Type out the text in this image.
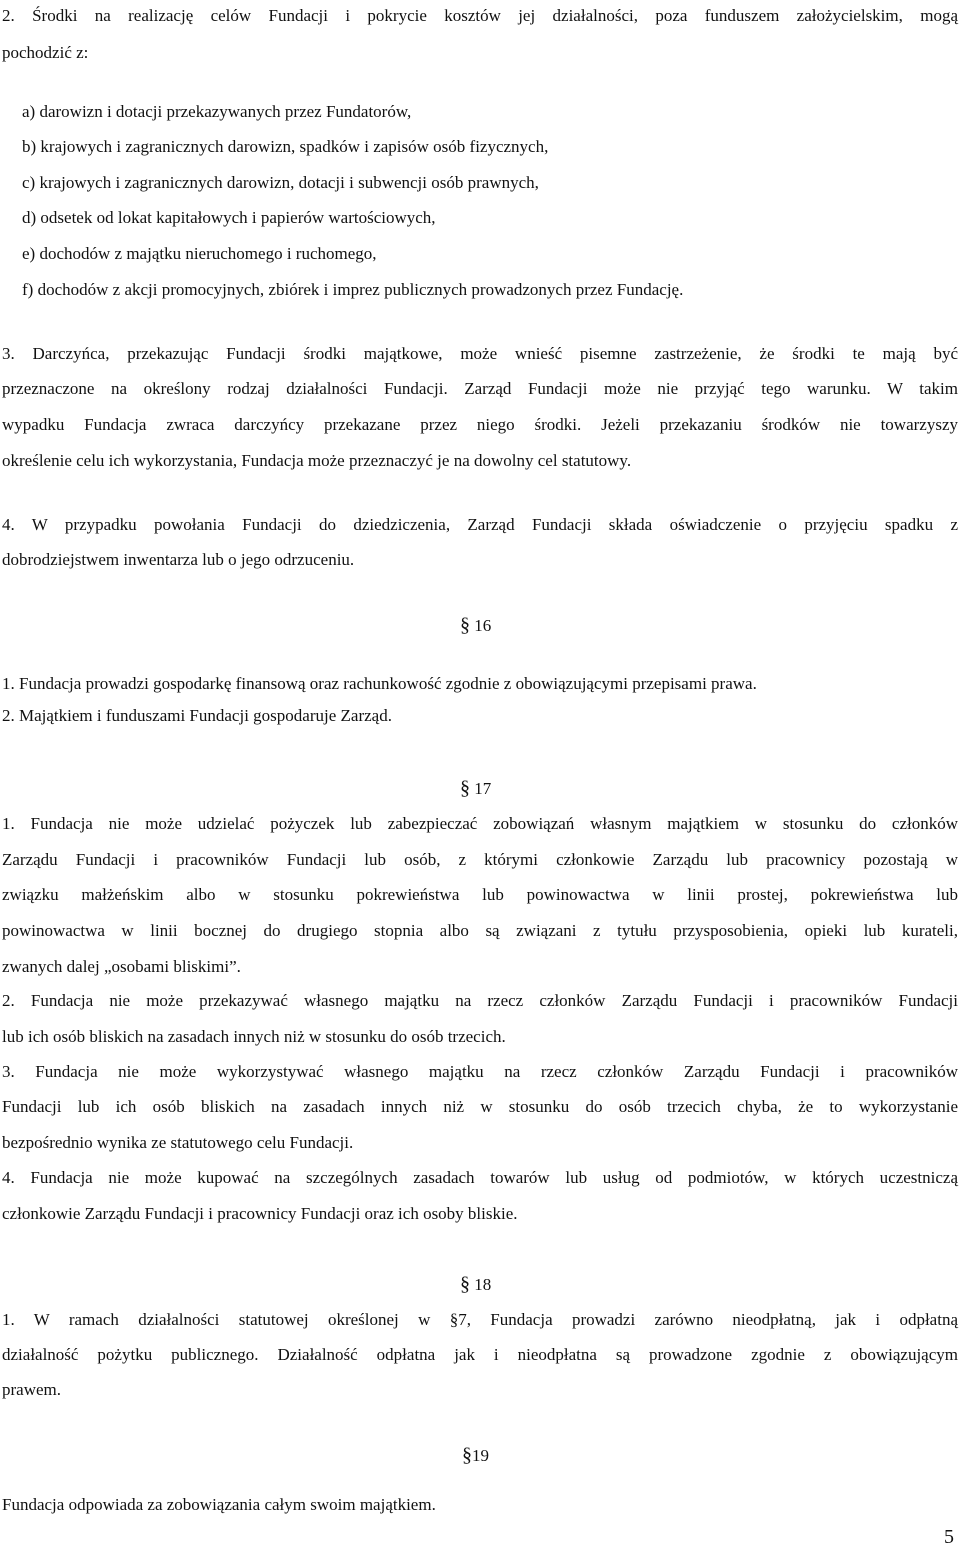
2. Środki na realizację celów Fundacji i pokrycie kosztów jej działalności, poza funduszem założycielskim, mogą
pochodzić z:
a) darowizn i dotacji przekazywanych przez Fundatorów,
b) krajowych i zagranicznych darowizn, spadków i zapisów osób fizycznych,
c) krajowych i zagranicznych darowizn, dotacji i subwencji osób prawnych,
d) odsetek od lokat kapitałowych i papierów wartościowych,
e) dochodów z majątku nieruchomego i ruchomego,
f) dochodów z akcji promocyjnych, zbiórek i imprez publicznych prowadzonych przez Fundację.
3. Darczyńca, przekazując Fundacji środki majątkowe, może wnieść pisemne zastrzeżenie, że środki te mają być
przeznaczone na określony rodzaj działalności Fundacji. Zarząd Fundacji może nie przyjąć tego warunku. W takim
wypadku Fundacja zwraca darczyńcy przekazane przez niego środki. Jeżeli przekazaniu środków nie towarzyszy
określenie celu ich wykorzystania, Fundacja może przeznaczyć je na dowolny cel statutowy.
4. W przypadku powołania Fundacji do dziedziczenia, Zarząd Fundacji składa oświadczenie o przyjęciu spadku z
dobrodziejstwem inwentarza lub o jego odrzuceniu.
§ 16
1. Fundacja prowadzi gospodarkę finansową oraz rachunkowość zgodnie z obowiązującymi przepisami prawa.
2. Majątkiem i funduszami Fundacji gospodaruje Zarząd.
§ 17
1. Fundacja nie może udzielać pożyczek lub zabezpieczać zobowiązań własnym majątkiem w stosunku do członków
Zarządu Fundacji i pracowników Fundacji lub osób, z którymi członkowie Zarządu lub pracownicy pozostają w
związku małżeńskim albo w stosunku pokrewieństwa lub powinowactwa w linii prostej, pokrewieństwa lub
powinowactwa w linii bocznej do drugiego stopnia albo są związani z tytułu przysposobienia, opieki lub kurateli,
zwanych dalej „osobami bliskimi”.
2. Fundacja nie może przekazywać własnego majątku na rzecz członków Zarządu Fundacji i pracowników Fundacji
lub ich osób bliskich na zasadach innych niż w stosunku do osób trzecich.
3. Fundacja nie może wykorzystywać własnego majątku na rzecz członków Zarządu Fundacji i pracowników
Fundacji lub ich osób bliskich na zasadach innych niż w stosunku do osób trzecich chyba, że to wykorzystanie
bezpośrednio wynika ze statutowego celu Fundacji.
4. Fundacja nie może kupować na szczególnych zasadach towarów lub usług od podmiotów, w których uczestniczą
członkowie Zarządu Fundacji i pracownicy Fundacji oraz ich osoby bliskie.
§ 18
1. W ramach działalności statutowej określonej w §7, Fundacja prowadzi zarówno nieodpłatną, jak i odpłatną
działalność pożytku publicznego. Działalność odpłatna jak i nieodpłatna są prowadzone zgodnie z obowiązującym
prawem.
§19
Fundacja odpowiada za zobowiązania całym swoim majątkiem.
5
